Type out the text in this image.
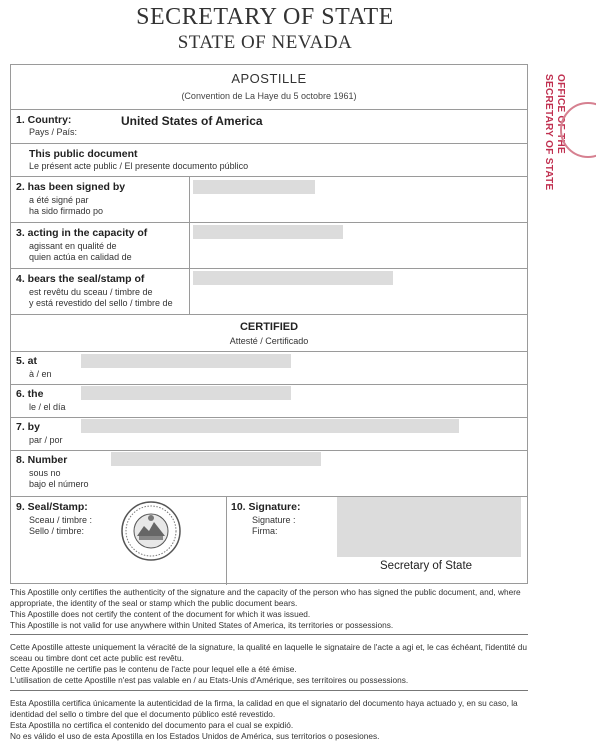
SECRETARY OF STATE
STATE OF NEVADA
APOSTILLE
(Convention de La Haye du 5 octobre 1961)
1. Country:
Pays / País:
United States of America
This public document
Le présent acte public / El presente documento público
2. has been signed by
a été signé par
ha sido firmado po
3. acting in the capacity of
agissant en qualité de
quien actúa en calidad de
4. bears the seal/stamp of
est revêtu du sceau / timbre de
y está revestido del sello / timbre de
CERTIFIED
Attesté / Certificado
5. at
à / en
6. the
le / el día
7. by
par / por
8. Number
sous no
bajo el número
9. Seal/Stamp:
Sceau / timbre :
Sello / timbre:
10. Signature:
Signature :
Firma:
Secretary of State
OFFICE OF THE
SECRETARY OF STATE
This Apostille only certifies the authenticity of the signature and the capacity of the person who has signed the public document, and, where
appropriate, the identity of the seal or stamp which the public document bears.
This Apostille does not certify the content of the document for which it was issued.
This Apostille is not valid for use anywhere within United States of America, its territories or possessions.
Cette Apostille atteste uniquement la véracité de la signature, la qualité en laquelle le signataire de l'acte a agi et, le cas échéant, l'identité du
sceau ou timbre dont cet acte public est revêtu.
Cette Apostille ne certifie pas le contenu de l'acte pour lequel elle a été émise.
L'utilisation de cette Apostille n'est pas valable en / au Etats-Unis d'Amérique, ses territoires ou possessions.
Esta Apostilla certifica únicamente la autenticidad de la firma, la calidad en que el signatario del documento haya actuado y, en su caso, la
identidad del sello o timbre del que el documento público esté revestido.
Esta Apostilla no certifica el contenido del documento para el cual se expidió.
No es válido el uso de esta Apostilla en los Estados Unidos de América, sus territorios o posesiones.
